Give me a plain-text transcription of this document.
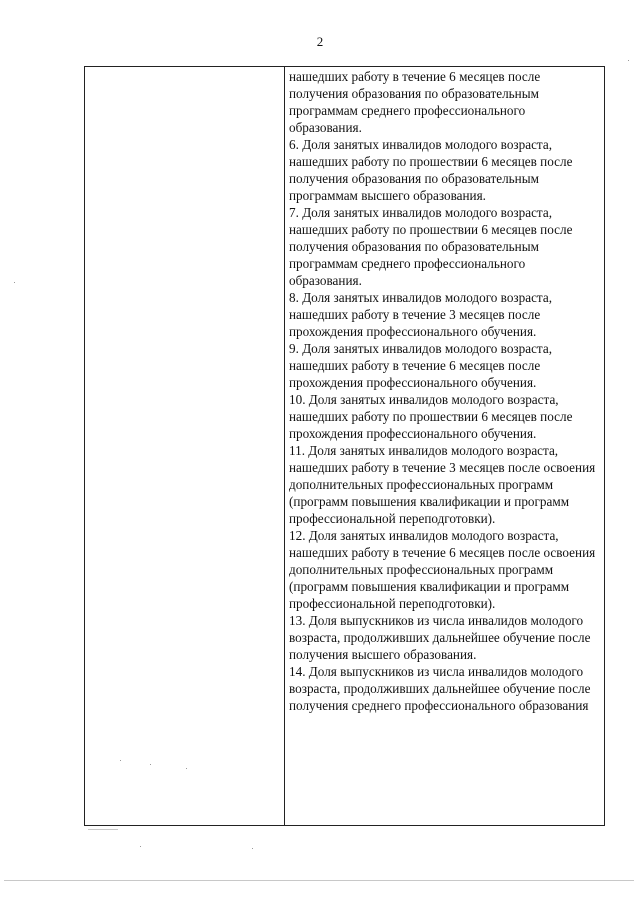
2

нашедших работу в течение 6 месяцев после получения образования по образовательным программам среднего профессионального образования.

6. Доля занятых инвалидов молодого возраста, нашедших работу по прошествии 6 месяцев после получения образования по образовательным программам высшего образования.

7. Доля занятых инвалидов молодого возраста, нашедших работу по прошествии 6 месяцев после получения образования по образовательным программам среднего профессионального образования.

8. Доля занятых инвалидов молодого возраста, нашедших работу в течение 3 месяцев после прохождения профессионального обучения.

9. Доля занятых инвалидов молодого возраста, нашедших работу в течение 6 месяцев после прохождения профессионального обучения.

10. Доля занятых инвалидов молодого возраста, нашедших работу по прошествии 6 месяцев после прохождения профессионального обучения.

11. Доля занятых инвалидов молодого возраста, нашедших работу в течение 3 месяцев после освоения дополнительных профессиональных программ (программ повышения квалификации и программ профессиональной переподготовки).

12. Доля занятых инвалидов молодого возраста, нашедших работу в течение 6 месяцев после освоения дополнительных профессиональных программ (программ повышения квалификации и программ профессиональной переподготовки).

13. Доля выпускников из числа инвалидов молодого возраста, продолживших дальнейшее обучение после получения высшего образования.

14. Доля выпускников из числа инвалидов молодого возраста, продолживших дальнейшее обучение после получения среднего профессионального образования
